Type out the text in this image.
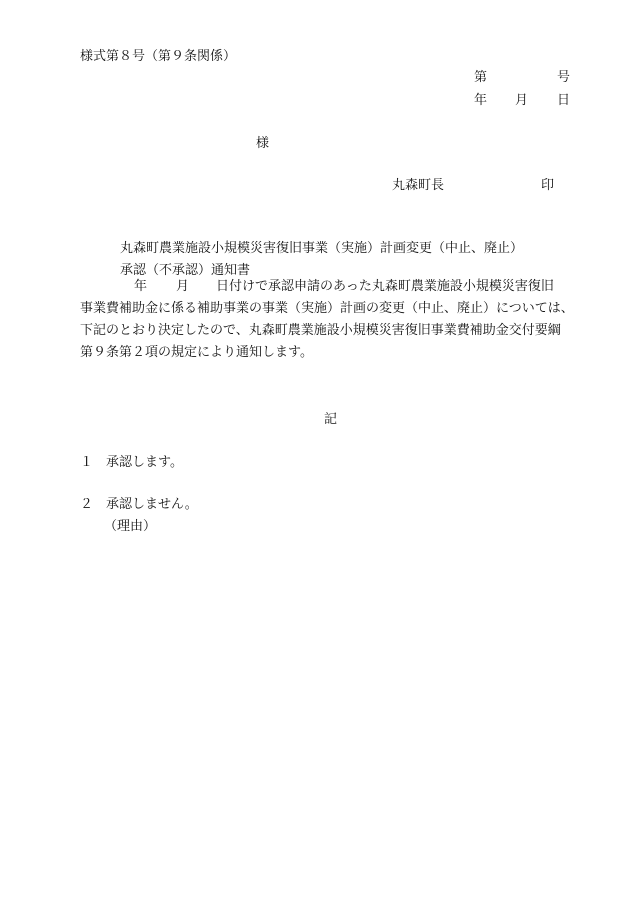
様式第８号（第９条関係）
第	号
年 月 日
様
丸森町長	印
丸森町農業施設小規模災害復旧事業（実施）計画変更（中止、廃止）
承認（不承認）通知書
年 月 日付けで承認申請のあった丸森町農業施設小規模災害復旧
事業費補助金に係る補助事業の事業（実施）計画の変更（中止、廃止）については、
下記のとおり決定したので、丸森町農業施設小規模災害復旧事業費補助金交付要綱
第９条第２項の規定により通知します。
記
１ 承認します。
２ 承認しません。
（理由）
